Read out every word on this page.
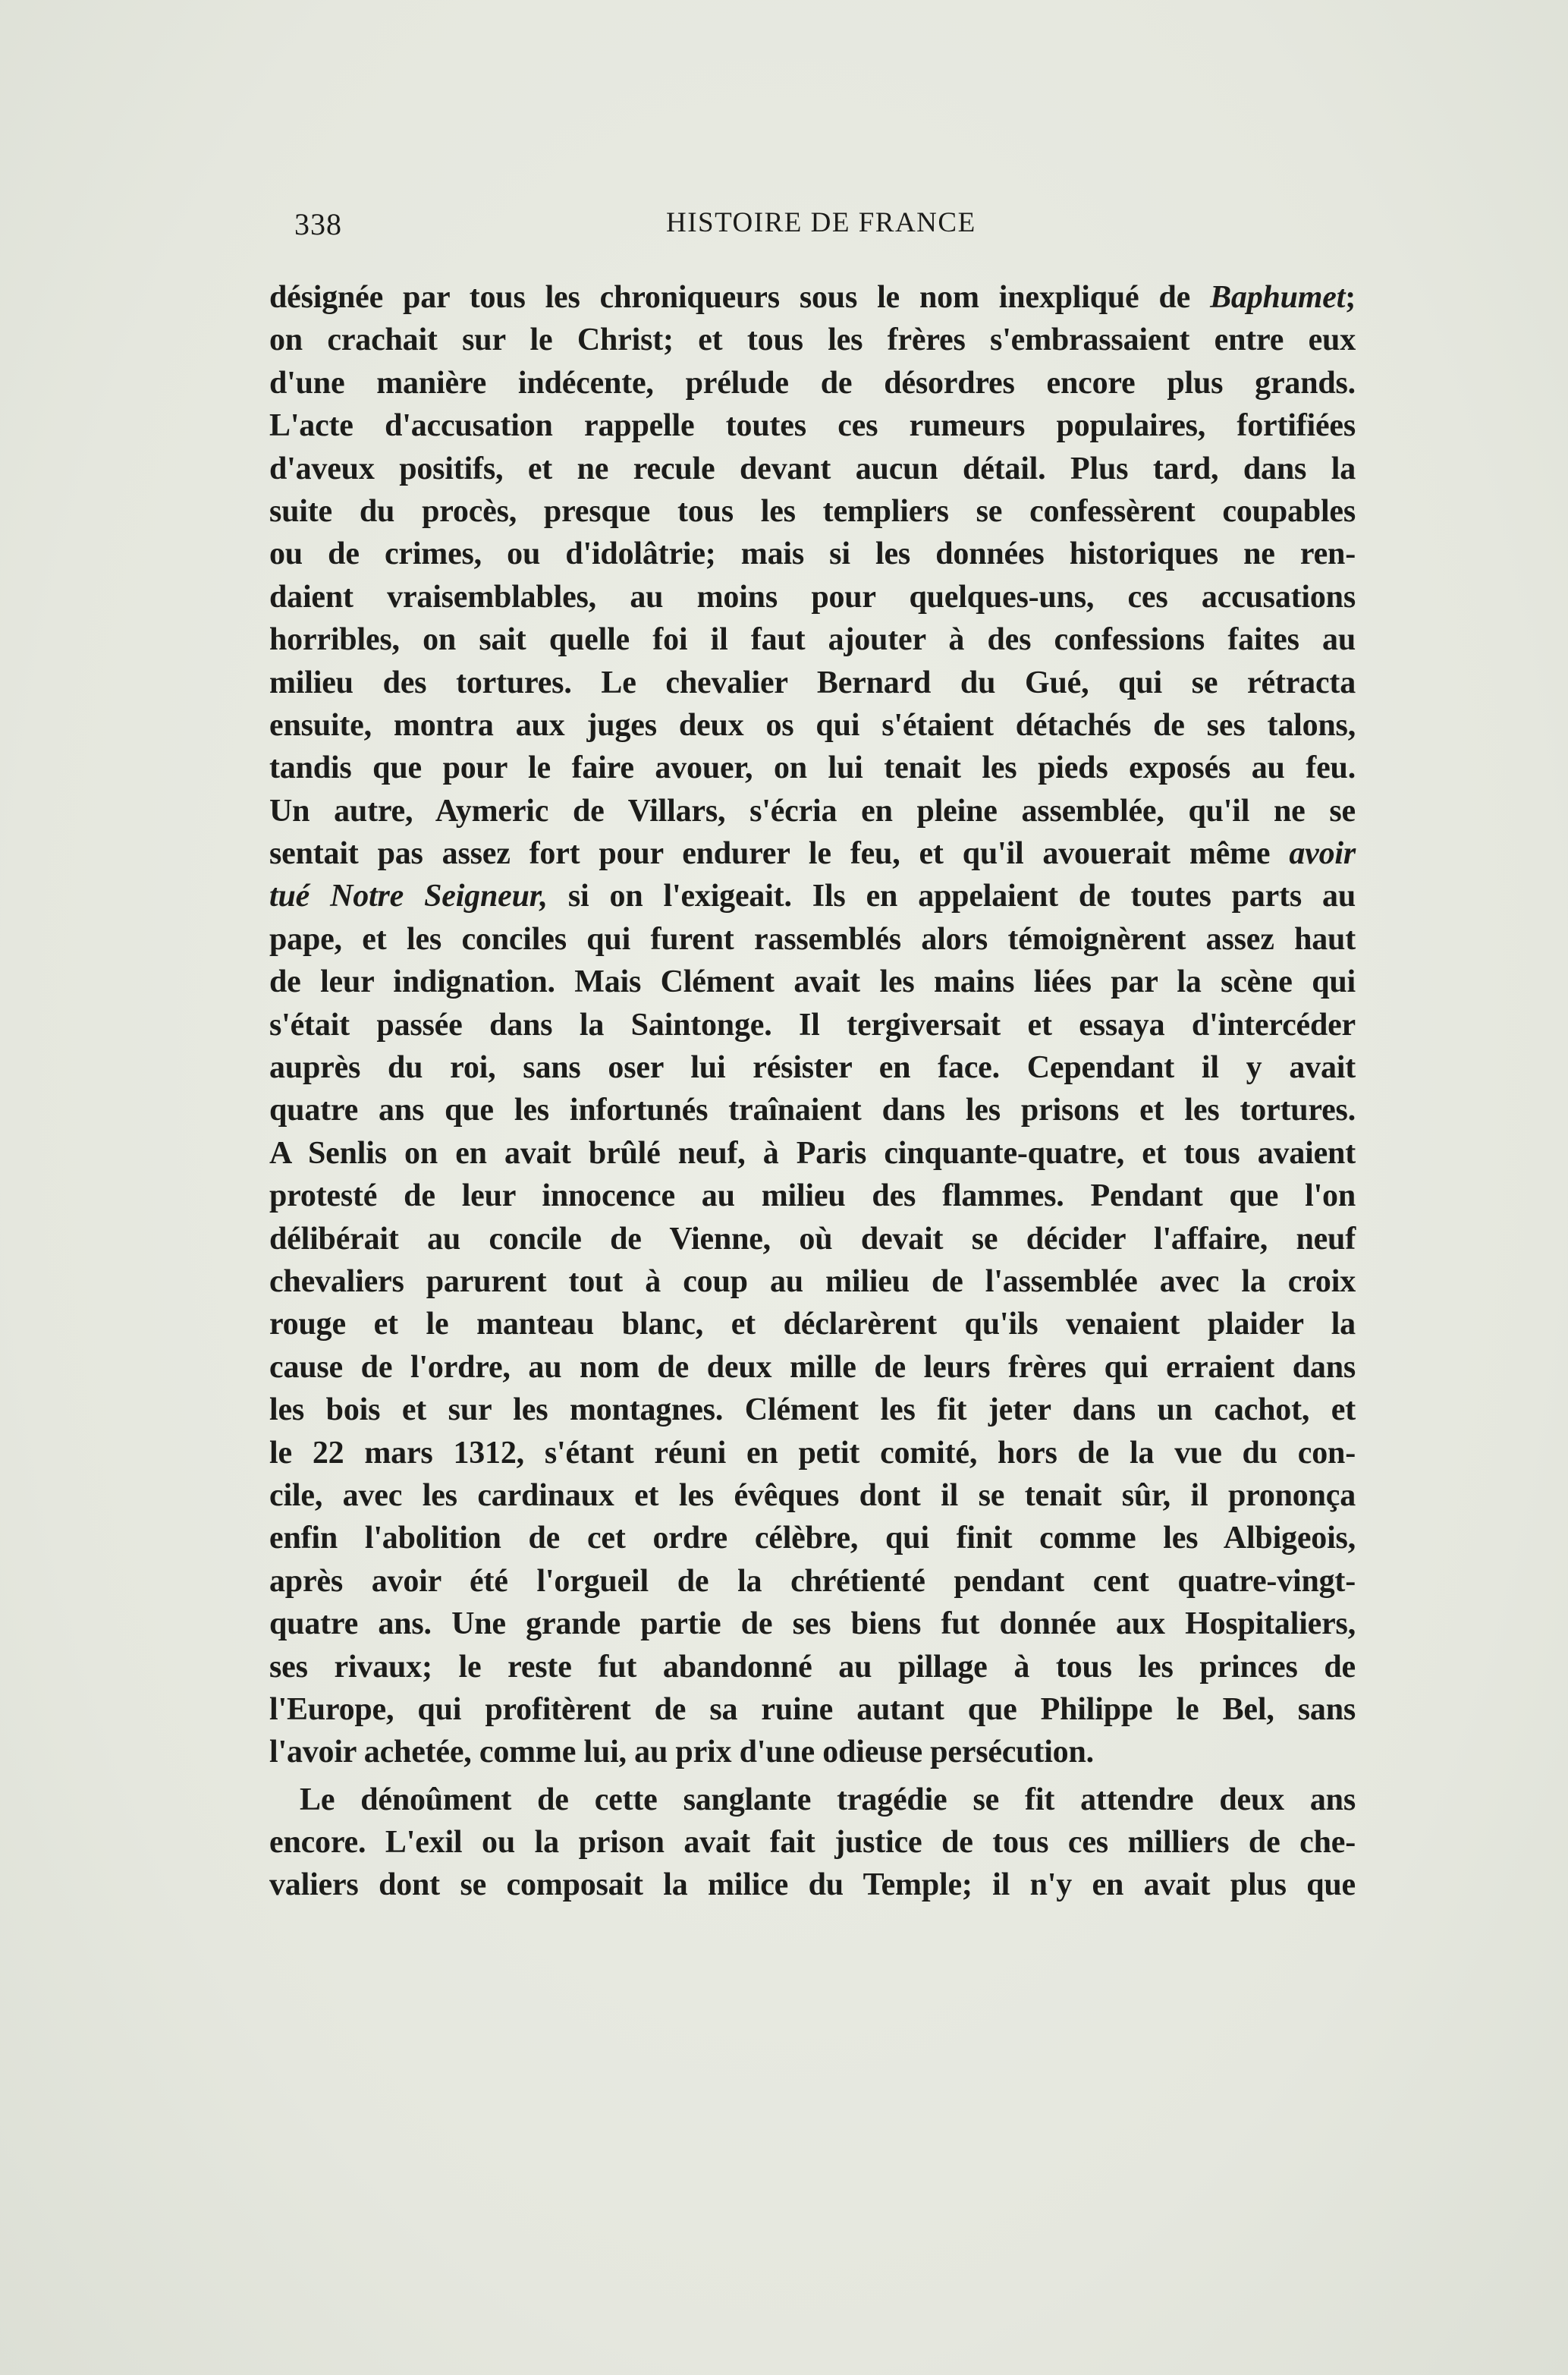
338	HISTOIRE DE FRANCE
désignée par tous les chroniqueurs sous le nom inexpliqué de Baphumet;
on crachait sur le Christ; et tous les frères s'embrassaient entre eux
d'une manière indécente, prélude de désordres encore plus grands.
L'acte d'accusation rappelle toutes ces rumeurs populaires, fortifiées
d'aveux positifs, et ne recule devant aucun détail. Plus tard, dans la
suite du procès, presque tous les templiers se confessèrent coupables
ou de crimes, ou d'idolâtrie; mais si les données historiques ne ren-
daient vraisemblables, au moins pour quelques-uns, ces accusations
horribles, on sait quelle foi il faut ajouter à des confessions faites au
milieu des tortures. Le chevalier Bernard du Gué, qui se rétracta
ensuite, montra aux juges deux os qui s'étaient détachés de ses talons,
tandis que pour le faire avouer, on lui tenait les pieds exposés au feu.
Un autre, Aymeric de Villars, s'écria en pleine assemblée, qu'il ne se
sentait pas assez fort pour endurer le feu, et qu'il avouerait même avoir
tué Notre Seigneur, si on l'exigeait. Ils en appelaient de toutes parts au
pape, et les conciles qui furent rassemblés alors témoignèrent assez haut
de leur indignation. Mais Clément avait les mains liées par la scène qui
s'était passée dans la Saintonge. Il tergiversait et essaya d'intercéder
auprès du roi, sans oser lui résister en face. Cependant il y avait
quatre ans que les infortunés traînaient dans les prisons et les tortures.
A Senlis on en avait brûlé neuf, à Paris cinquante-quatre, et tous avaient
protesté de leur innocence au milieu des flammes. Pendant que l'on
délibérait au concile de Vienne, où devait se décider l'affaire, neuf
chevaliers parurent tout à coup au milieu de l'assemblée avec la croix
rouge et le manteau blanc, et déclarèrent qu'ils venaient plaider la
cause de l'ordre, au nom de deux mille de leurs frères qui erraient dans
les bois et sur les montagnes. Clément les fit jeter dans un cachot, et
le 22 mars 1312, s'étant réuni en petit comité, hors de la vue du con-
cile, avec les cardinaux et les évêques dont il se tenait sûr, il prononça
enfin l'abolition de cet ordre célèbre, qui finit comme les Albigeois,
après avoir été l'orgueil de la chrétienté pendant cent quatre-vingt-
quatre ans. Une grande partie de ses biens fut donnée aux Hospitaliers,
ses rivaux; le reste fut abandonné au pillage à tous les princes de
l'Europe, qui profitèrent de sa ruine autant que Philippe le Bel, sans
l'avoir achetée, comme lui, au prix d'une odieuse persécution.
Le dénoûment de cette sanglante tragédie se fit attendre deux ans
encore. L'exil ou la prison avait fait justice de tous ces milliers de che-
valiers dont se composait la milice du Temple; il n'y en avait plus que
